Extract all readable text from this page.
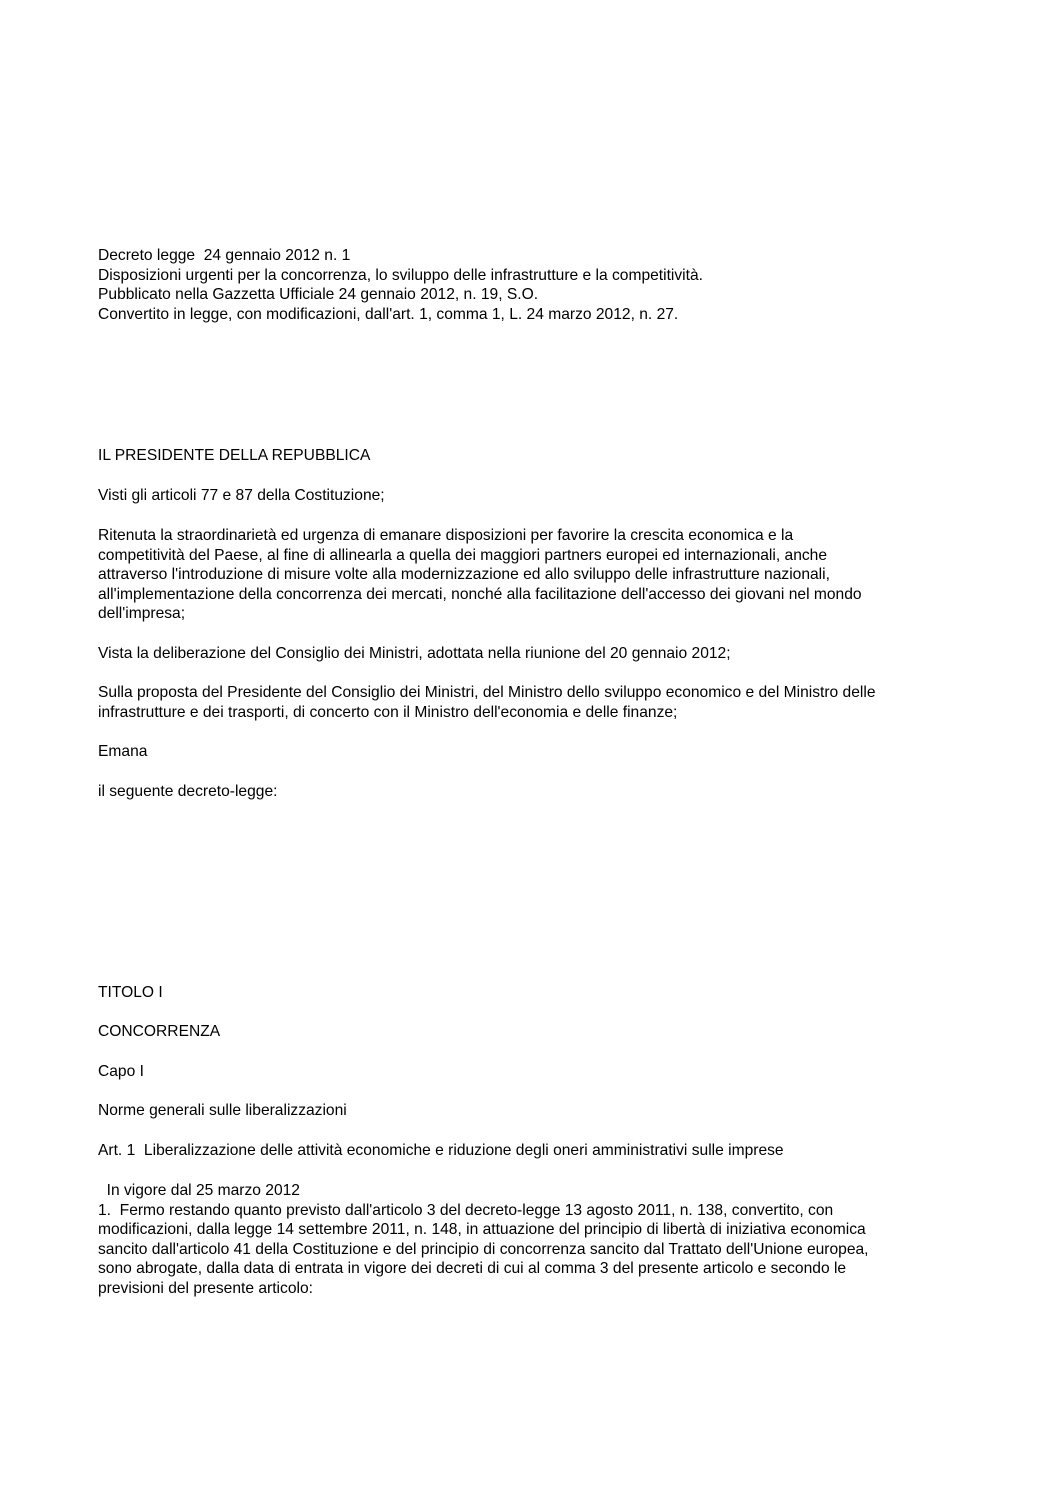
Decreto legge  24 gennaio 2012 n. 1
Disposizioni urgenti per la concorrenza, lo sviluppo delle infrastrutture e la competitività.
Pubblicato nella Gazzetta Ufficiale 24 gennaio 2012, n. 19, S.O.
Convertito in legge, con modificazioni, dall'art. 1, comma 1, L. 24 marzo 2012, n. 27.
IL PRESIDENTE DELLA REPUBBLICA
Visti gli articoli 77 e 87 della Costituzione;
Ritenuta la straordinarietà ed urgenza di emanare disposizioni per favorire la crescita economica e la
competitività del Paese, al fine di allinearla a quella dei maggiori partners europei ed internazionali, anche
attraverso l'introduzione di misure volte alla modernizzazione ed allo sviluppo delle infrastrutture nazionali,
all'implementazione della concorrenza dei mercati, nonché alla facilitazione dell'accesso dei giovani nel mondo
dell'impresa;
Vista la deliberazione del Consiglio dei Ministri, adottata nella riunione del 20 gennaio 2012;
Sulla proposta del Presidente del Consiglio dei Ministri, del Ministro dello sviluppo economico e del Ministro delle
infrastrutture e dei trasporti, di concerto con il Ministro dell'economia e delle finanze;
Emana
il seguente decreto-legge:
TITOLO I
CONCORRENZA
Capo I
Norme generali sulle liberalizzazioni
Art. 1  Liberalizzazione delle attività economiche e riduzione degli oneri amministrativi sulle imprese
In vigore dal 25 marzo 2012
1.  Fermo restando quanto previsto dall'articolo 3 del decreto-legge 13 agosto 2011, n. 138, convertito, con
modificazioni, dalla legge 14 settembre 2011, n. 148, in attuazione del principio di libertà di iniziativa economica
sancito dall'articolo 41 della Costituzione e del principio di concorrenza sancito dal Trattato dell'Unione europea,
sono abrogate, dalla data di entrata in vigore dei decreti di cui al comma 3 del presente articolo e secondo le
previsioni del presente articolo:
